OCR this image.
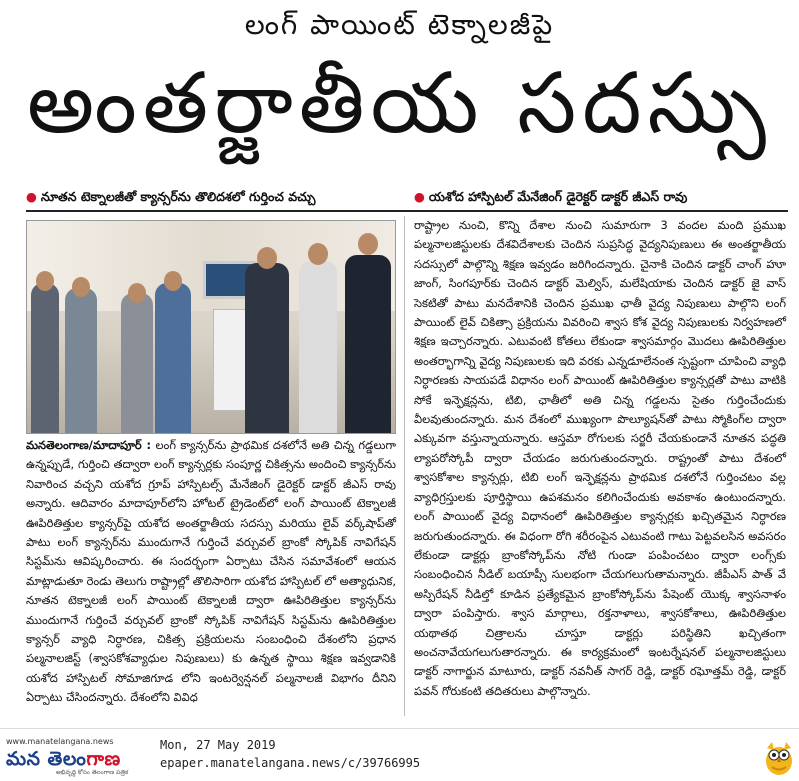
లంగ్ పాయింట్ టెక్నాలజీపై
అంతర్జాతీయ సదస్సు
● నూతన టెక్నాలజీతో క్యాన్సర్‌ను తొలిదశలో గుర్తించ వచ్చు	● యశోద హాస్పిటల్ మేనేజింగ్ డైరెక్టర్ డాక్టర్ జీఎస్ రావు
మనతెలంగాణ/మాదాపూర్ : లంగ్ క్యాన్సర్‌ను ప్రాథమిక దశలోనే అతి చిన్న గడ్డలుగా ఉన్నప్పుడే, గుర్తించి తద్వారా లంగ్ క్యాన్సర్లకు సంపూర్ణ చికిత్సను అందించి క్యాన్సర్‌ను నివారించ వచ్చని యశోద గ్రూప్ హాస్పిటల్స్ మేనేజింగ్ డైరెక్టర్ డాక్టర్ జీఎస్ రావు అన్నారు. ఆదివారం మాదాపూర్‌లోని హోటల్ ట్రైడెంట్‌లో లంగ్ పాయింట్ టెక్నాలజీ ఊపిరితిత్తుల క్యాన్సర్‌పై యశోద అంతర్జాతీయ సదస్సు మరియు లైవ్ వర్క్‌షాప్‌తో పాటు లంగ్ క్యాన్సర్‌ను ముందుగానే గుర్తించే వర్చువల్ బ్రాంకో స్కోపిక్ నావిగేషన్ సిస్టమ్‌ను ఆవిష్కరించారు. ఈ సందర్భంగా ఏర్పాటు చేసిన సమావేశంలో ఆయన మాట్లాడుతూ రెండు తెలుగు రాష్ట్రాల్లో తొలిసారిగా యశోద హాస్పిటల్ లో అత్యాధునిక, నూతన టెక్నాలజీ లంగ్ పాయింట్ టెక్నాలజీ ద్వారా ఊపిరితిత్తుల క్యాన్సర్‌ను ముందుగానే గుర్తించే వర్చువల్ బ్రాంకో స్కోపిక్ నావిగేషన్ సిస్టమ్‌ను ఊపిరితిత్తుల క్యాన్సర్ వ్యాధి నిర్ధారణ, చికిత్స ప్రక్రియలను సంబంధించి దేశంలోని ప్రధాన పల్మనాలజిస్ట్ (శ్వాసకోశవ్యాధుల నిపుణులు) కు ఉన్నత స్థాయి శిక్షణ ఇవ్వడానికి యశోద హాస్పిటల్ సోమాజిగూడ లోని ఇంటర్వెన్షనల్ పల్మనాలజీ విభాగం దీనిని ఏర్పాటు చేసిందన్నారు. దేశంలోని వివిధ
రాష్ట్రాల నుంచి, కొన్ని దేశాల నుంచి సుమారుగా 3 వందల మంది ప్రముఖ పల్మనాలజిస్టులకు దేశవిదేశాలకు చెందిన సుప్రసిద్ధ వైద్యనిపుణులు ఈ అంతర్జాతీయ సదస్సులో పాల్గొన్ని శిక్షణ ఇవ్వడం జరిగిందన్నారు. చైనాకి చెందిన డాక్టర్ చాంగ్ హూ జాంగ్, సింగపూర్‌కు చెందిన డాక్టర్ మెల్విస్, మలేషియాకు చెందిన డాక్టర్ జై వాస్ సెకటితో పాటు మనదేశానికి చెందిన ప్రముఖ ఛాతీ వైద్య నిపుణులు పాల్గొని లంగ్ పాయింట్ లైవ్ చికిత్సా ప్రక్రియను వివరించి శ్వాస కోశ వైద్య నిపుణులకు నిర్వహణలో శిక్షణ ఇచ్చారన్నారు. ఎటువంటి కోతలు లేకుండా శ్వాసమార్గం మొదలు ఊపిరితిత్తుల అంతర్భాగాన్ని వైద్య నిపుణులకు ఇది వరకు ఎన్నడూలేనంత స్పష్టంగా చూపించి వ్యాధి నిర్ధారణకు సాయపడే విధానం లంగ్ పాయింట్ ఊపిరితిత్తుల క్యాన్సర్లతో పాటు వాటికి సోకే ఇన్ఫెక్షన్లను, టిబి, ఛాతీలో అతి చిన్న గడ్డలను సైతం గుర్తించేందుకు వీలవుతుందన్నారు. మన దేశంలో ముఖ్యంగా పొల్యూషన్‌తో పాటు స్మోకింగ్‌ల ద్వారా ఎక్కువగా వస్తున్నాయన్నారు. ఆస్తమా రోగులకు సర్జరీ చేయకుండానే నూతన పద్ధతి ల్యాపరోస్కోపీ ద్వారా చేయడం జరుగుతుందన్నారు. రాష్ట్రంతో పాటు దేశంలో శ్వాసకోశాల క్యాన్సర్లు, టిబి లంగ్ ఇన్ఫెక్షన్లను ప్రాథమిక దశలోనే గుర్తించటం వల్ల వ్యాధిగ్రస్తులకు పూర్తిస్థాయి ఉపశమనం కలిగించేందుకు అవకాశం ఉంటుందన్నారు. లంగ్ పాయింట్ వైద్య విధానంలో ఊపిరితిత్తుల క్యాన్సర్లకు ఖచ్చితమైన నిర్ధారణ జరుగుతుందన్నారు. ఈ విధంగా రోగి శరీరంపైన ఎటువంటి గాటు పెట్టవలసిన అవసరం లేకుండా డాక్టర్లు బ్రాంకోస్కోప్‌ను నోటి గుండా పంపించటం ద్వారా లంగ్స్‌కు సంబంధించిన నీడిల్ బయాప్సీ సులభంగా చేయగలుగుతామన్నారు. జీపీఎస్ పాత్ వే అస్పిరేషన్ నీడిల్తో కూడిన ప్రత్యేకమైన బ్రాంకోస్కోప్‌ను పేషెంట్ యొక్క శ్వాసనాళం ద్వారా పంపిస్తారు. శ్వాస మార్గాలు, రక్తనాళాలు, శ్వాసకోశాలు, ఊపిరితిత్తుల యథాతథ చిత్రాలను చూస్తూ డాక్టర్లు పరిస్థితిని ఖచ్చితంగా అంచనావేయగలుగుతారన్నారు. ఈ కార్యక్రమంలో ఇంటర్నేషనల్ పల్మనాలజిస్టులు డాక్టర్ నాగార్జున మాటూరు, డాక్టర్ నవనీత్ సాగర్ రెడ్డి, డాక్టర్ రఘోత్తమ్ రెడ్డి, డాక్టర్ పవన్ గోరుకంటి తదితరులు పాల్గొన్నారు.
www.manatelangana.news
మన తెలంగాణ
అభివృద్ధి కోసం తెలంగాణ పత్రిక
Mon, 27 May 2019
epaper.manatelangana.news/c/39766995
